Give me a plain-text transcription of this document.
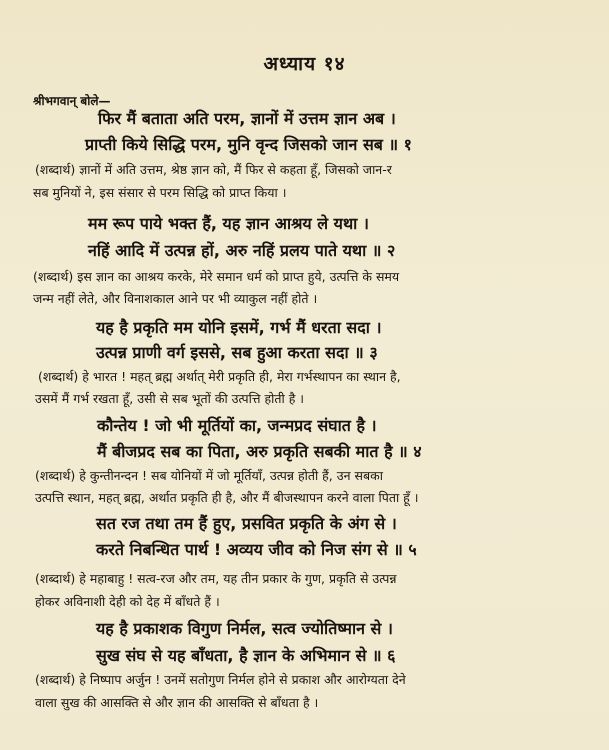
अध्याय १४
श्रीभगवान् बोले—
फिर मैं बताता अति परम, ज्ञानों में उत्तम ज्ञान अब ।
प्राप्ती किये सिद्धि परम, मुनि वृन्द जिसको जान सब ॥ १
(शब्दार्थ) ज्ञानों में अति उत्तम, श्रेष्ठ ज्ञान को, मैं फिर से कहता हूँ, जिसको जान-र
सब मुनियों ने, इस संसार से परम सिद्धि को प्राप्त किया ।
मम रूप पाये भक्त हैं, यह ज्ञान आश्रय ले यथा ।
नहिं आदि में उत्पन्न हों, अरु नहिं प्रलय पाते यथा ॥ २
(शब्दार्थ) इस ज्ञान का आश्रय करके, मेरे समान धर्म को प्राप्त हुये, उत्पत्ति के समय
जन्म नहीं लेते, और विनाशकाल आने पर भी व्याकुल नहीं होते ।
यह है प्रकृति मम योनि इसमें, गर्भ मैं धरता सदा ।
उत्पन्न प्राणी वर्ग इससे, सब हुआ करता सदा ॥ ३
(शब्दार्थ) हे भारत ! महत् ब्रह्म अर्थात् मेरी प्रकृति ही, मेरा गर्भस्थापन का स्थान है,
उसमें मैं गर्भ रखता हूँ, उसी से सब भूतों की उत्पत्ति होती है ।
कौन्तेय ! जो भी मूर्तियों का, जन्मप्रद संघात है ।
मैं बीजप्रद सब का पिता, अरु प्रकृति सबकी मात है ॥ ४
(शब्दार्थ) हे कुन्तीनन्दन ! सब योनियों में जो मूर्तियाँ, उत्पन्न होती हैं, उन सबका
उत्पत्ति स्थान, महत् ब्रह्म, अर्थात प्रकृति ही है, और मैं बीजस्थापन करने वाला पिता हूँ ।
सत रज तथा तम हैं हुए, प्रसवित प्रकृति के अंग से ।
करते निबन्धित पार्थ ! अव्यय जीव को निज संग से ॥ ५
(शब्दार्थ) हे महाबाहु ! सत्व-रज और तम, यह तीन प्रकार के गुण, प्रकृति से उत्पन्न
होकर अविनाशी देही को देह में बाँधते हैं ।
यह है प्रकाशक विगुण निर्मल, सत्व ज्योतिष्मान से ।
सुख संघ से यह बाँधता, है ज्ञान के अभिमान से ॥ ६
(शब्दार्थ) हे निष्पाप अर्जुन ! उनमें सतोगुण निर्मल होने से प्रकाश और आरोग्यता देने
वाला सुख की आसक्ति से और ज्ञान की आसक्ति से बाँधता है ।
